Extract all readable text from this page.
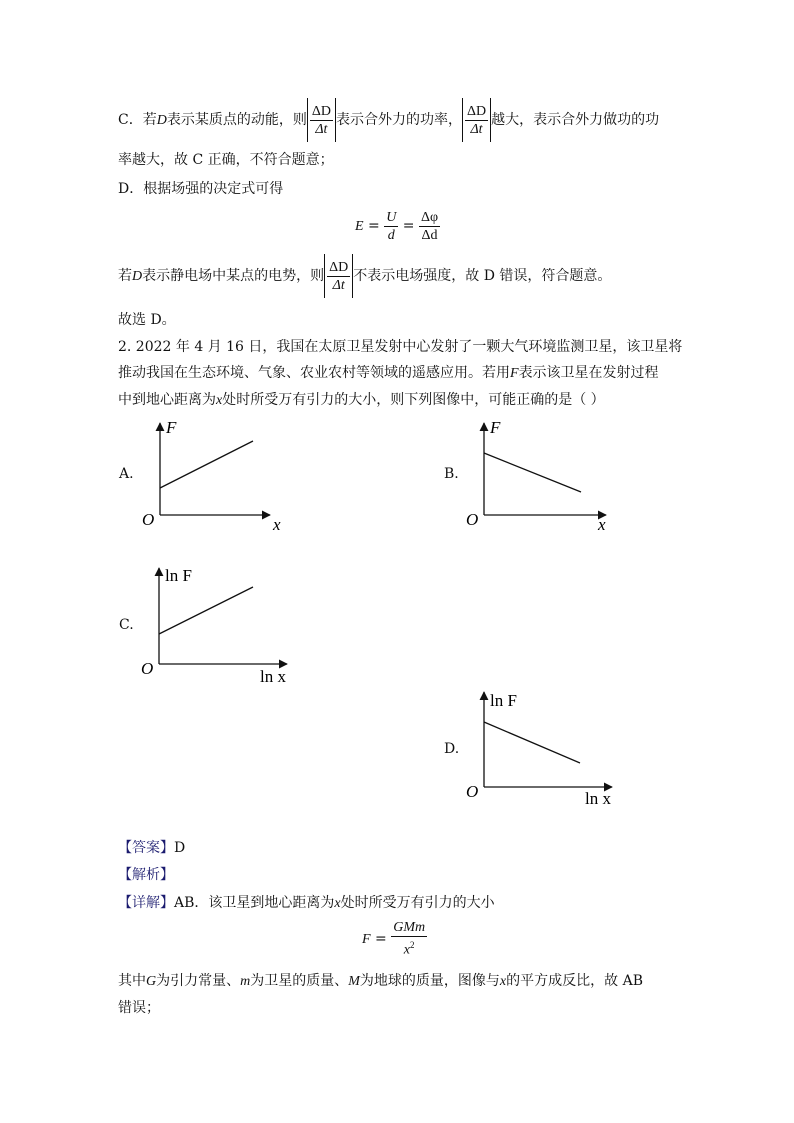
C．若D表示某质点的动能，则 $\frac{\Delta D}{\Delta t}$ 表示合外力的功率， $\frac{\Delta D}{\Delta t}$ 越大，表示合外力做功的功
率越大，故 C 正确，不符合题意；
D．根据场强的决定式可得
$E = \frac{U}{d} = \frac{\Delta\varphi}{\Delta d}$
若D表示静电场中某点的电势，则 $\frac{\Delta D}{\Delta t}$ 不表示电场强度，故 D 错误，符合题意。
故选 D。
2. 2022 年 4 月 16 日，我国在太原卫星发射中心发射了一颗大气环境监测卫星，该卫星将
推动我国在生态环境、气象、农业农村等领域的遥感应用。若用F表示该卫星在发射过程
中到地心距离为x处时所受万有引力的大小，则下列图像中，可能正确的是（ ）
A.
F
x
O
B.
F
x
O
C.
ln F
ln x
O
D.
ln F
ln x
O
【答案】D
【解析】
【详解】AB．该卫星到地心距离为x处时所受万有引力的大小
$F = \frac{\text{GMm}}{x^2}$
其中G为引力常量、m为卫星的质量、M为地球的质量，图像与x的平方成反比，故 AB
错误；
